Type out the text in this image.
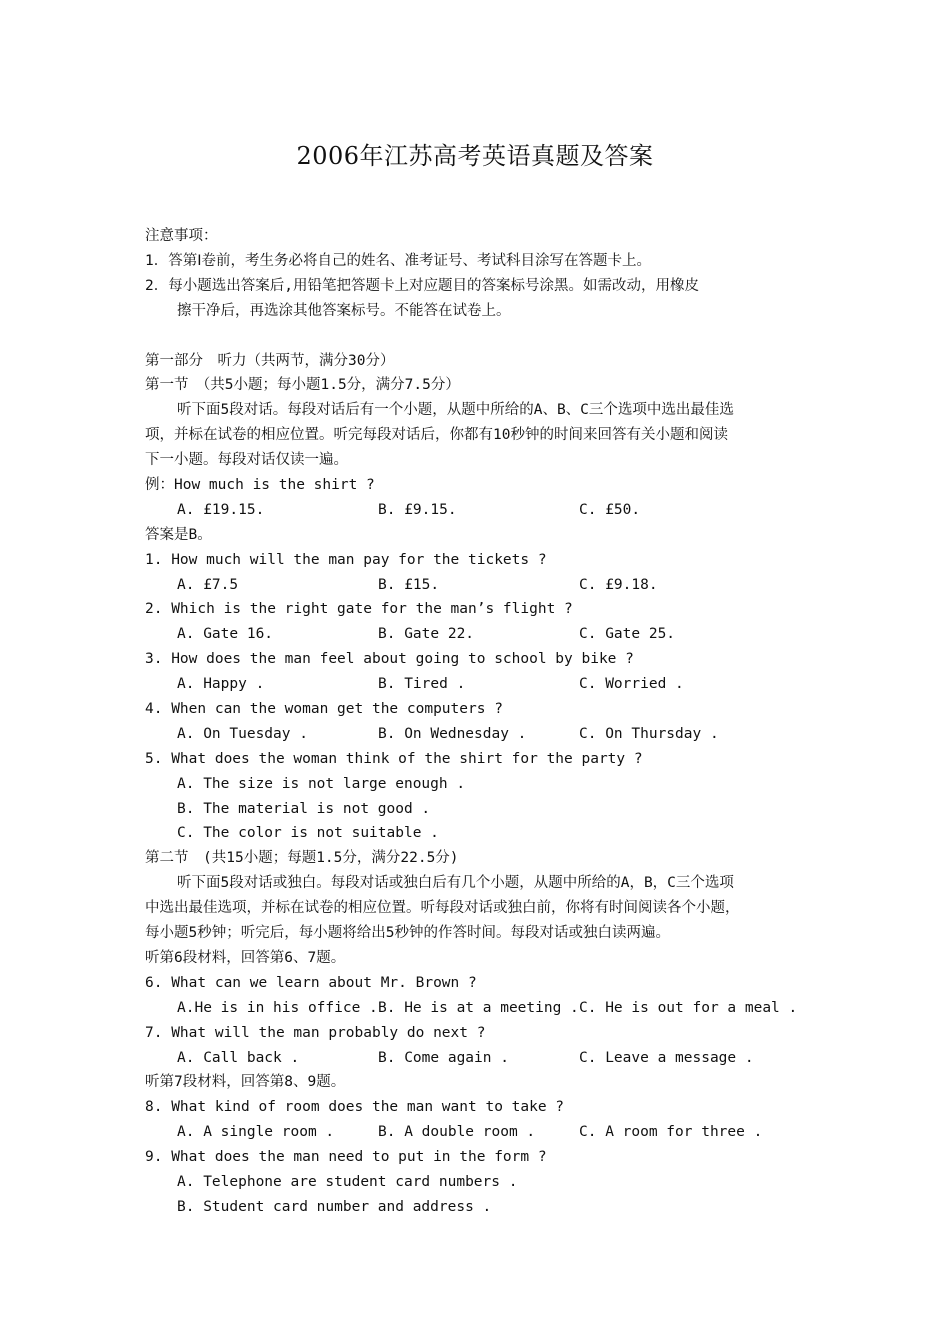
2006年江苏高考英语真题及答案
注意事项：
1．答第Ⅰ卷前，考生务必将自己的姓名、准考证号、考试科目涂写在答题卡上。
2．每小题选出答案后,用铅笔把答题卡上对应题目的答案标号涂黑。如需改动，用橡皮
擦干净后，再选涂其他答案标号。不能答在试卷上。
第一部分　听力（共两节，满分30分）
第一节　（共5小题；每小题1.5分，满分7.5分）
听下面5段对话。每段对话后有一个小题，从题中所给的A、B、C三个选项中选出最佳选
项，并标在试卷的相应位置。听完每段对话后，你都有10秒钟的时间来回答有关小题和阅读
下一小题。每段对话仅读一遍。
例：How much is the shirt ?
A. £19.15.	B. £9.15.	C. £50.
答案是B。
1. How much will the man pay for the tickets ?
A. £7.5	B. £15.	C. £9.18.
2. Which is the right gate for the man’s flight ?
A. Gate 16.	B. Gate 22.	C. Gate 25.
3. How does the man feel about going to school by bike ?
A. Happy .	B. Tired .	C. Worried .
4. When can the woman get the computers ?
A. On Tuesday .	B. On Wednesday .	C. On Thursday .
5. What does the woman think of the shirt for the party ?
A. The size is not large enough .
B. The material is not good .
C. The color is not suitable .
第二节　(共15小题；每题1.5分，满分22.5分)
听下面5段对话或独白。每段对话或独白后有几个小题，从题中所给的A，B，C三个选项
中选出最佳选项，并标在试卷的相应位置。听每段对话或独白前，你将有时间阅读各个小题，
每小题5秒钟；听完后，每小题将给出5秒钟的作答时间。每段对话或独白读两遍。
听第6段材料，回答第6、7题。
6. What can we learn about Mr. Brown ?
A.He is in his office . B. He is at a meeting . C. He is out for a meal .
7. What will the man probably do next ?
A. Call back .	B. Come again .	C. Leave a message .
听第7段材料，回答第8、9题。
8. What kind of room does the man want to take ?
A. A single room .	B. A double room .	C. A room for three .
9. What does the man need to put in the form ?
A. Telephone are student card numbers .
B. Student card number and address .
